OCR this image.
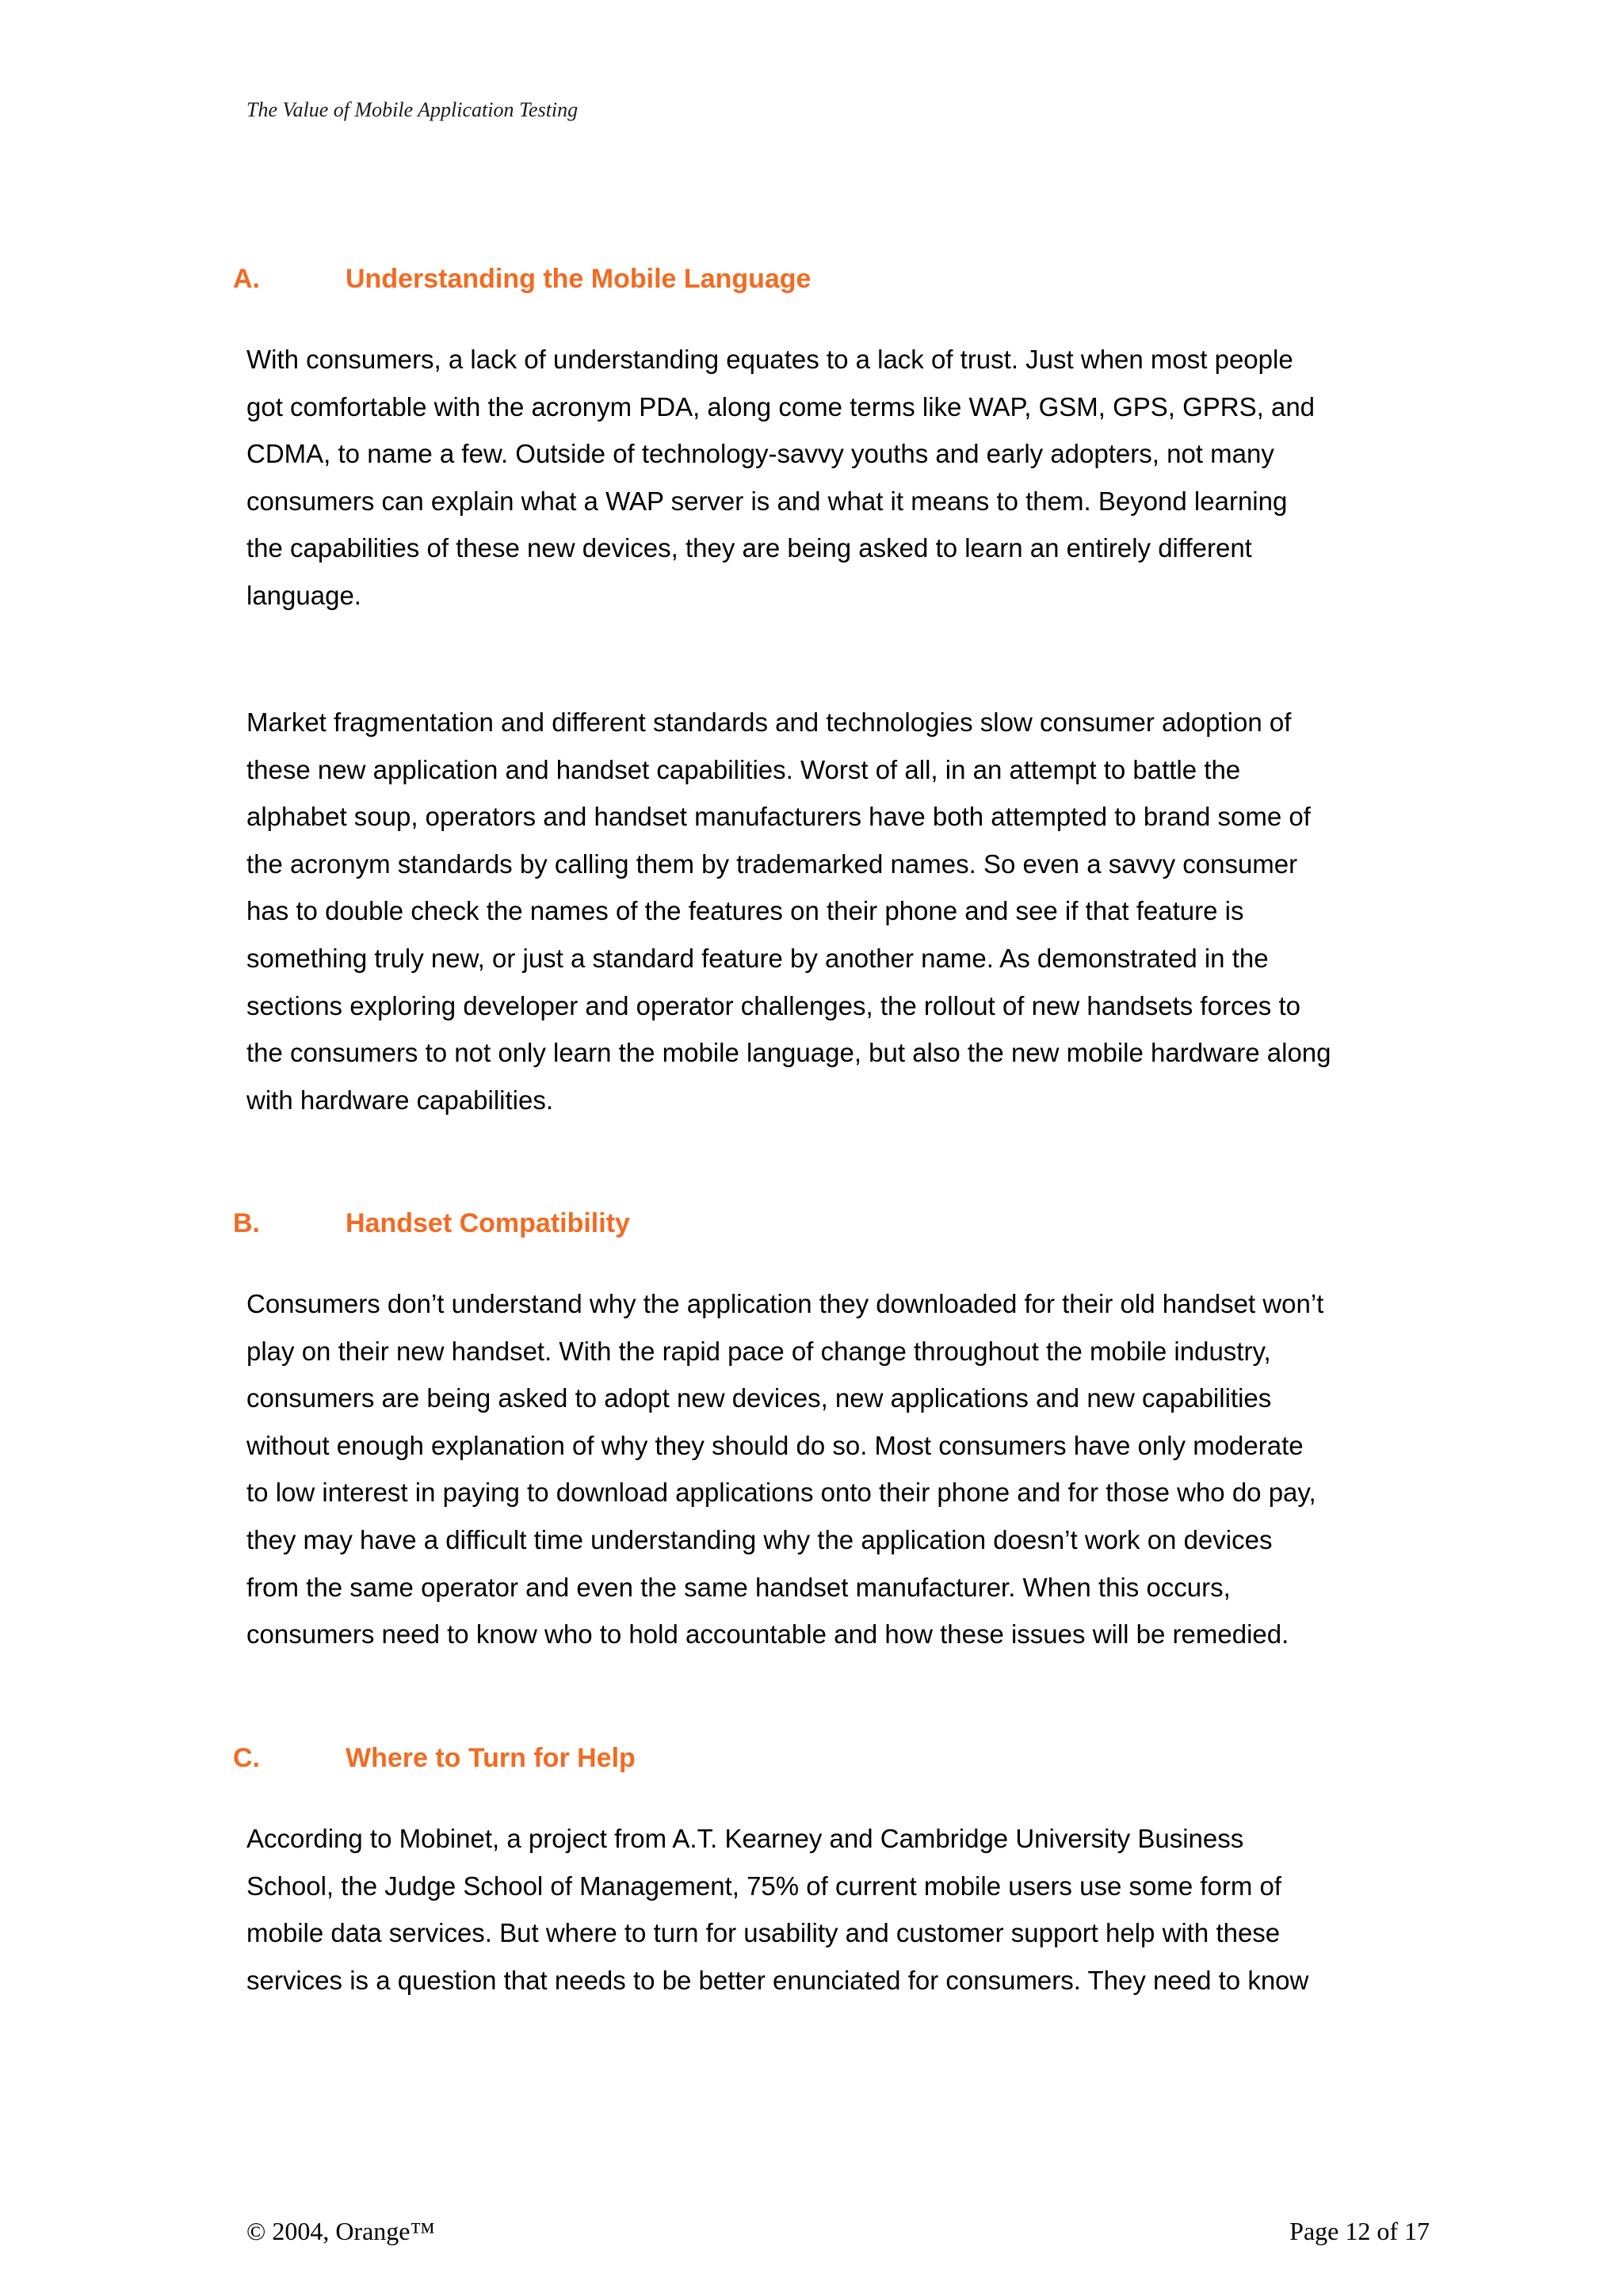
The Value of Mobile Application Testing
A.	Understanding the Mobile Language
With consumers, a lack of understanding equates to a lack of trust. Just when most people
got comfortable with the acronym PDA, along come terms like WAP, GSM, GPS, GPRS, and
CDMA, to name a few. Outside of technology-savvy youths and early adopters, not many
consumers can explain what a WAP server is and what it means to them. Beyond learning
the capabilities of these new devices, they are being asked to learn an entirely different
language.
Market fragmentation and different standards and technologies slow consumer adoption of
these new application and handset capabilities. Worst of all, in an attempt to battle the
alphabet soup, operators and handset manufacturers have both attempted to brand some of
the acronym standards by calling them by trademarked names. So even a savvy consumer
has to double check the names of the features on their phone and see if that feature is
something truly new, or just a standard feature by another name. As demonstrated in the
sections exploring developer and operator challenges, the rollout of new handsets forces to
the consumers to not only learn the mobile language, but also the new mobile hardware along
with hardware capabilities.
B.	Handset Compatibility
Consumers don’t understand why the application they downloaded for their old handset won’t
play on their new handset. With the rapid pace of change throughout the mobile industry,
consumers are being asked to adopt new devices, new applications and new capabilities
without enough explanation of why they should do so. Most consumers have only moderate
to low interest in paying to download applications onto their phone and for those who do pay,
they may have a difficult time understanding why the application doesn’t work on devices
from the same operator and even the same handset manufacturer. When this occurs,
consumers need to know who to hold accountable and how these issues will be remedied.
C.	Where to Turn for Help
According to Mobinet, a project from A.T. Kearney and Cambridge University Business
School, the Judge School of Management, 75% of current mobile users use some form of
mobile data services. But where to turn for usability and customer support help with these
services is a question that needs to be better enunciated for consumers. They need to know
© 2004, Orange™	Page 12 of 17
